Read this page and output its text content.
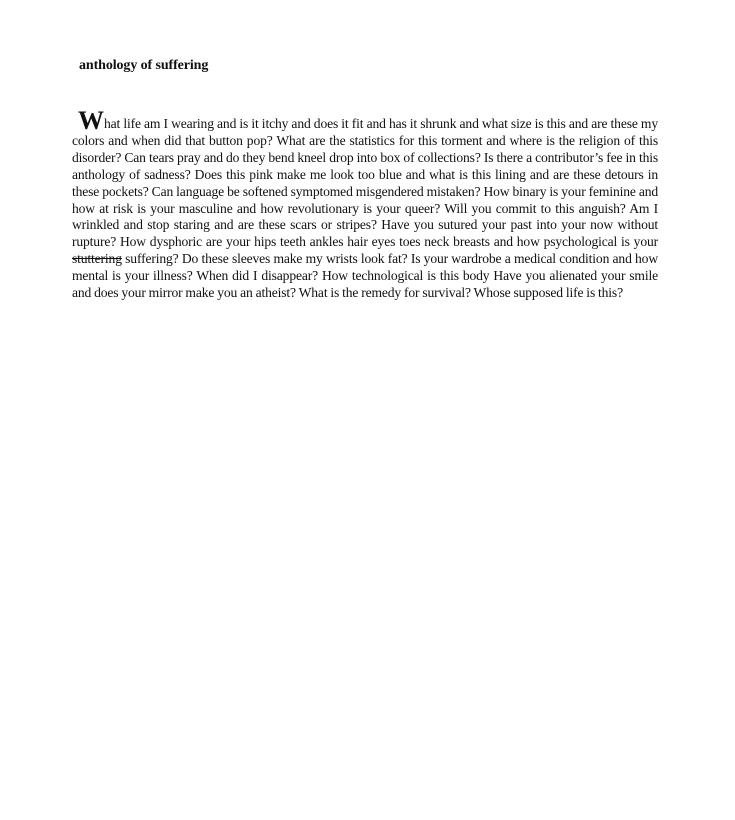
anthology of suffering
What life am I wearing and is it itchy and does it fit and has it shrunk and what size is this and are these my colors and when did that button pop? What are the statistics for this torment and where is the religion of this disorder? Can tears pray and do they bend kneel drop into box of collections? Is there a contributor’s fee in this anthology of sadness? Does this pink make me look too blue and what is this lining and are these detours in these pockets? Can language be softened symptomed misgendered mistaken? How binary is your feminine and how at risk is your masculine and how revolutionary is your queer? Will you commit to this anguish? Am I wrinkled and stop staring and are these scars or stripes? Have you sutured your past into your now without rupture? How dysphoric are your hips teeth ankles hair eyes toes neck breasts and how psychological is your stuttering suffering? Do these sleeves make my wrists look fat? Is your wardrobe a medical condition and how mental is your illness? When did I disappear? How technological is this body Have you alienated your smile and does your mirror make you an atheist? What is the remedy for survival? Whose supposed life is this?
